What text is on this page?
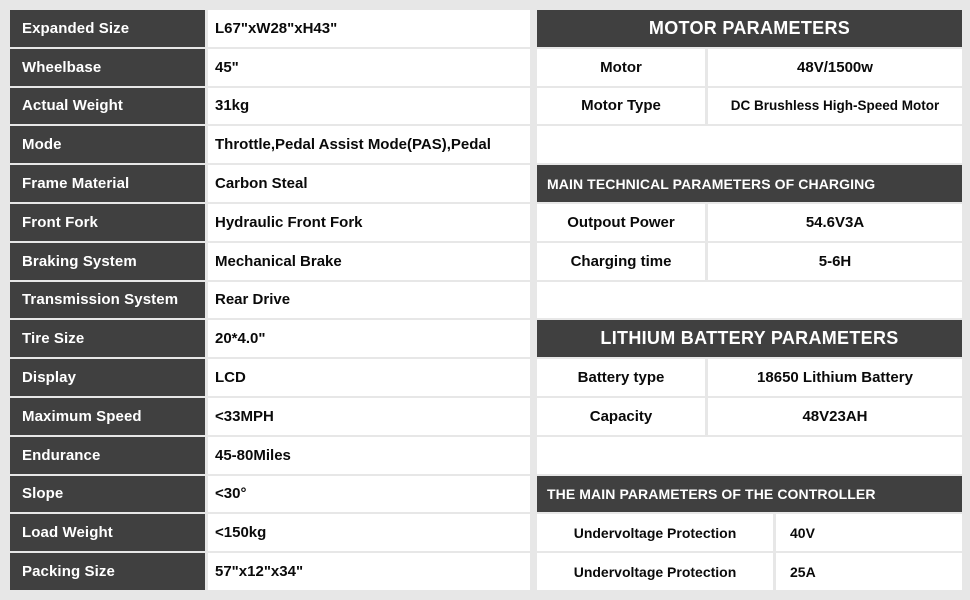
Expanded Size	L67"xW28"xH43"
Wheelbase	45"
Actual Weight	31kg
Mode	Throttle,Pedal Assist Mode(PAS),Pedal
Frame Material	Carbon Steal
Front Fork	Hydraulic Front Fork
Braking System	Mechanical Brake
Transmission System	Rear Drive
Tire Size	20*4.0"
Display	LCD
Maximum Speed	<33MPH
Endurance	45-80Miles
Slope	<30°
Load Weight	<150kg
Packing Size	57"x12"x34"
MOTOR PARAMETERS
Motor	48V/1500w
Motor Type	DC Brushless High-Speed Motor
MAIN TECHNICAL PARAMETERS OF CHARGING
Outpout Power	54.6V3A
Charging time	5-6H
LITHIUM BATTERY PARAMETERS
Battery type	18650 Lithium Battery
Capacity	48V23AH
THE MAIN PARAMETERS OF THE CONTROLLER
Undervoltage Protection	40V
Undervoltage Protection	25A
